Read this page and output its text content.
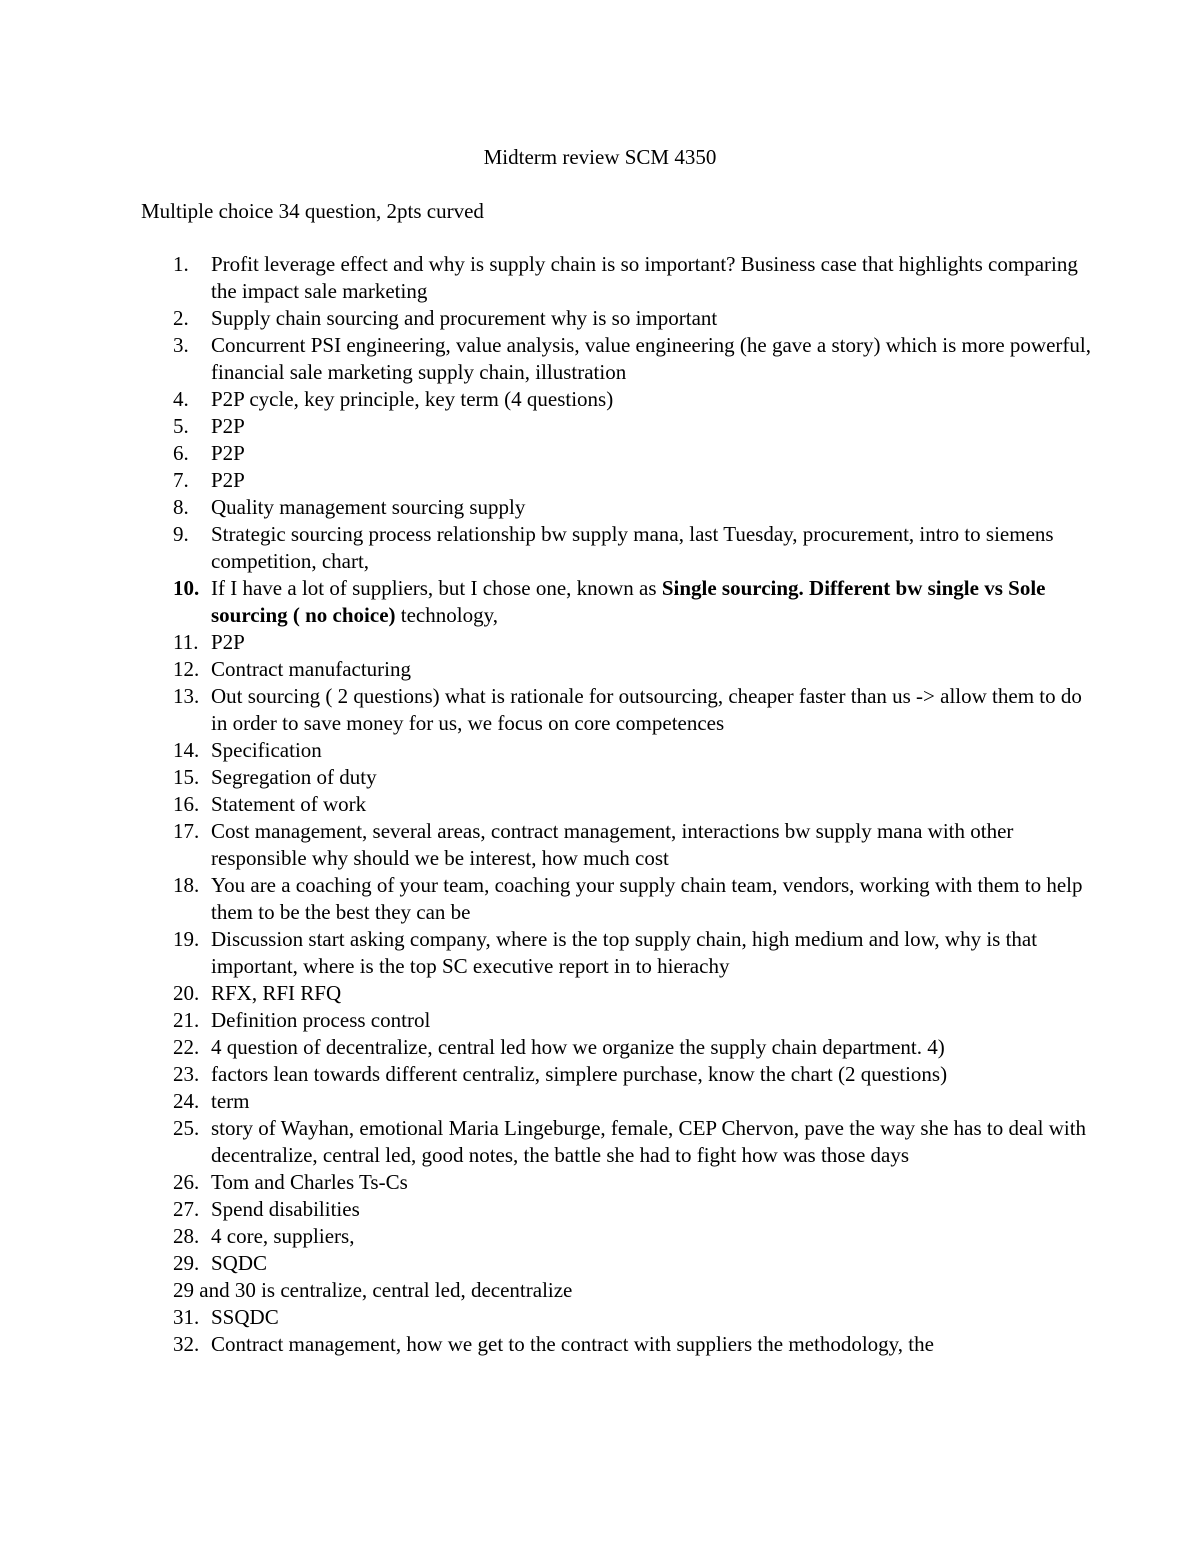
Midterm review SCM 4350
Multiple choice 34 question, 2pts curved
1. Profit leverage effect and why is supply chain is so important? Business case that highlights comparing the impact sale marketing
2. Supply chain sourcing and procurement why is so important
3. Concurrent PSI engineering, value analysis, value engineering (he gave a story) which is more powerful, financial sale marketing supply chain, illustration
4. P2P cycle, key principle, key term (4 questions)
5. P2P
6. P2P
7. P2P
8. Quality management sourcing supply
9. Strategic sourcing process relationship bw supply mana, last Tuesday, procurement, intro to siemens competition, chart,
10. If I have a lot of suppliers, but I chose one, known as Single sourcing. Different bw single vs Sole sourcing ( no choice) technology,
11. P2P
12. Contract manufacturing
13. Out sourcing ( 2 questions) what is rationale for outsourcing, cheaper faster than us -> allow them to do in order to save money for us, we focus on core competences
14. Specification
15. Segregation of duty
16. Statement of work
17. Cost management, several areas, contract management, interactions bw supply mana with other responsible why should we be interest, how much cost
18. You are a coaching of your team, coaching your supply chain team, vendors, working with them to help them to be the best they can be
19. Discussion start asking company, where is the top supply chain, high medium and low, why is that important, where is the top SC executive report in to hierachy
20. RFX, RFI RFQ
21. Definition process control
22. 4 question of decentralize, central led how we organize the supply chain department. 4)
23. factors lean towards different centraliz, simplere purchase, know the chart (2 questions)
24. term
25. story of Wayhan, emotional Maria Lingeburge, female, CEP Chervon, pave the way she has to deal with decentralize, central led, good notes, the battle she had to fight how was those days
26. Tom and Charles Ts-Cs
27. Spend disabilities
28. 4 core, suppliers,
29. SQDC
29 and 30 is centralize, central led, decentralize
31. SSQDC
32. Contract management, how we get to the contract with suppliers the methodology, the
